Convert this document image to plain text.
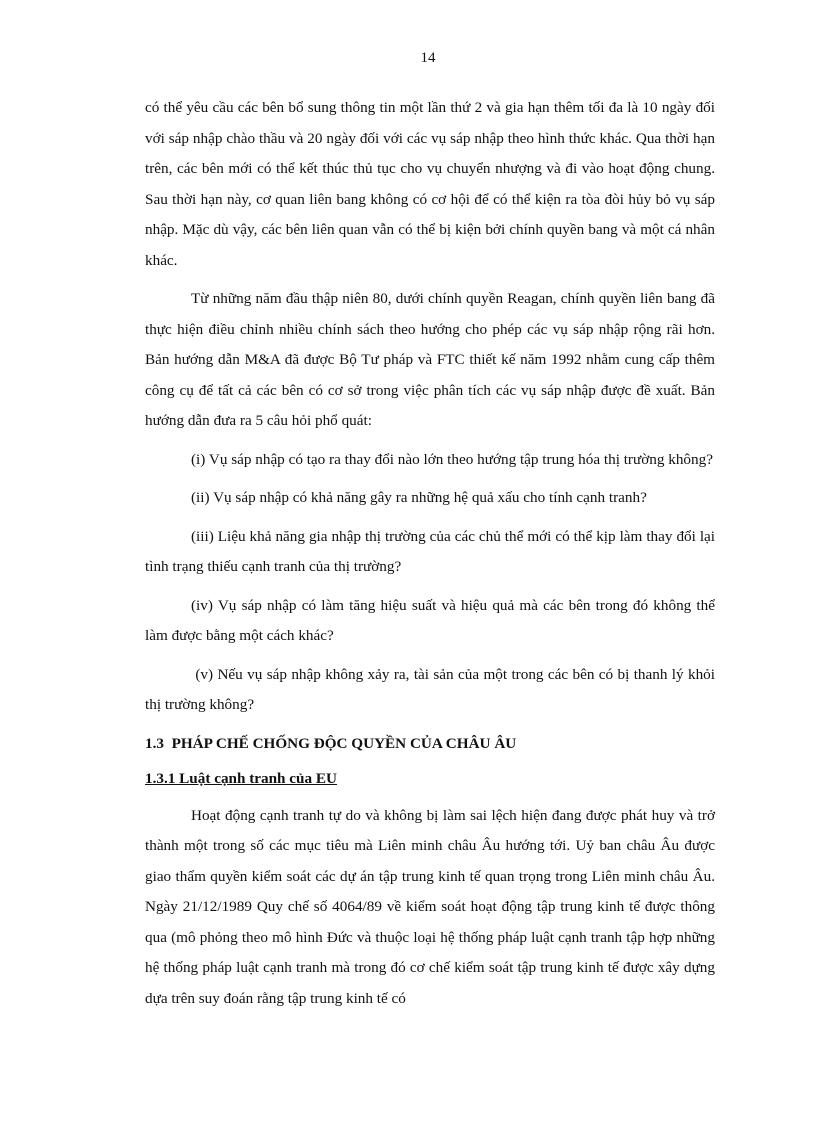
14

có thể yêu cầu các bên bổ sung thông tin một lần thứ 2 và gia hạn thêm tối đa là 10 ngày đối với sáp nhập chào thầu và 20 ngày đối với các vụ sáp nhập theo hình thức khác. Qua thời hạn trên, các bên mới có thể kết thúc thủ tục cho vụ chuyển nhượng và đi vào hoạt động chung. Sau thời hạn này, cơ quan liên bang không có cơ hội để có thể kiện ra tòa đòi hủy bỏ vụ sáp nhập. Mặc dù vậy, các bên liên quan vẫn có thể bị kiện bởi chính quyền bang và một cá nhân khác.

Từ những năm đầu thập niên 80, dưới chính quyền Reagan, chính quyền liên bang đã thực hiện điều chỉnh nhiều chính sách theo hướng cho phép các vụ sáp nhập rộng rãi hơn. Bản hướng dẫn M&A đã được Bộ Tư pháp và FTC thiết kế năm 1992 nhằm cung cấp thêm công cụ để tất cả các bên có cơ sở trong việc phân tích các vụ sáp nhập được đề xuất. Bản hướng dẫn đưa ra 5 câu hỏi phổ quát:

(i) Vụ sáp nhập có tạo ra thay đổi nào lớn theo hướng tập trung hóa thị trường không?

(ii) Vụ sáp nhập có khả năng gây ra những hệ quả xấu cho tính cạnh tranh?

(iii) Liệu khả năng gia nhập thị trường của các chủ thể mới có thể kịp làm thay đổi lại tình trạng thiếu cạnh tranh của thị trường?

(iv) Vụ sáp nhập có làm tăng hiệu suất và hiệu quả mà các bên trong đó không thể làm được bằng một cách khác?

(v) Nếu vụ sáp nhập không xảy ra, tài sản của một trong các bên có bị thanh lý khỏi thị trường không?

1.3  PHÁP CHẾ CHỐNG ĐỘC QUYỀN CỦA CHÂU ÂU
1.3.1 Luật cạnh tranh của EU

Hoạt động cạnh tranh tự do và không bị làm sai lệch hiện đang được phát huy và trở thành một trong số các mục tiêu mà Liên minh châu Âu hướng tới. Uỷ ban châu Âu được giao thẩm quyền kiểm soát các dự án tập trung kinh tế quan trọng trong Liên minh châu Âu. Ngày 21/12/1989 Quy chế số 4064/89 về kiểm soát hoạt động tập trung kinh tế được thông qua (mô phỏng theo mô hình Đức và thuộc loại hệ thống pháp luật cạnh tranh tập hợp những hệ thống pháp luật cạnh tranh mà trong đó cơ chế kiểm soát tập trung kinh tế được xây dựng dựa trên suy đoán rằng tập trung kinh tế có
